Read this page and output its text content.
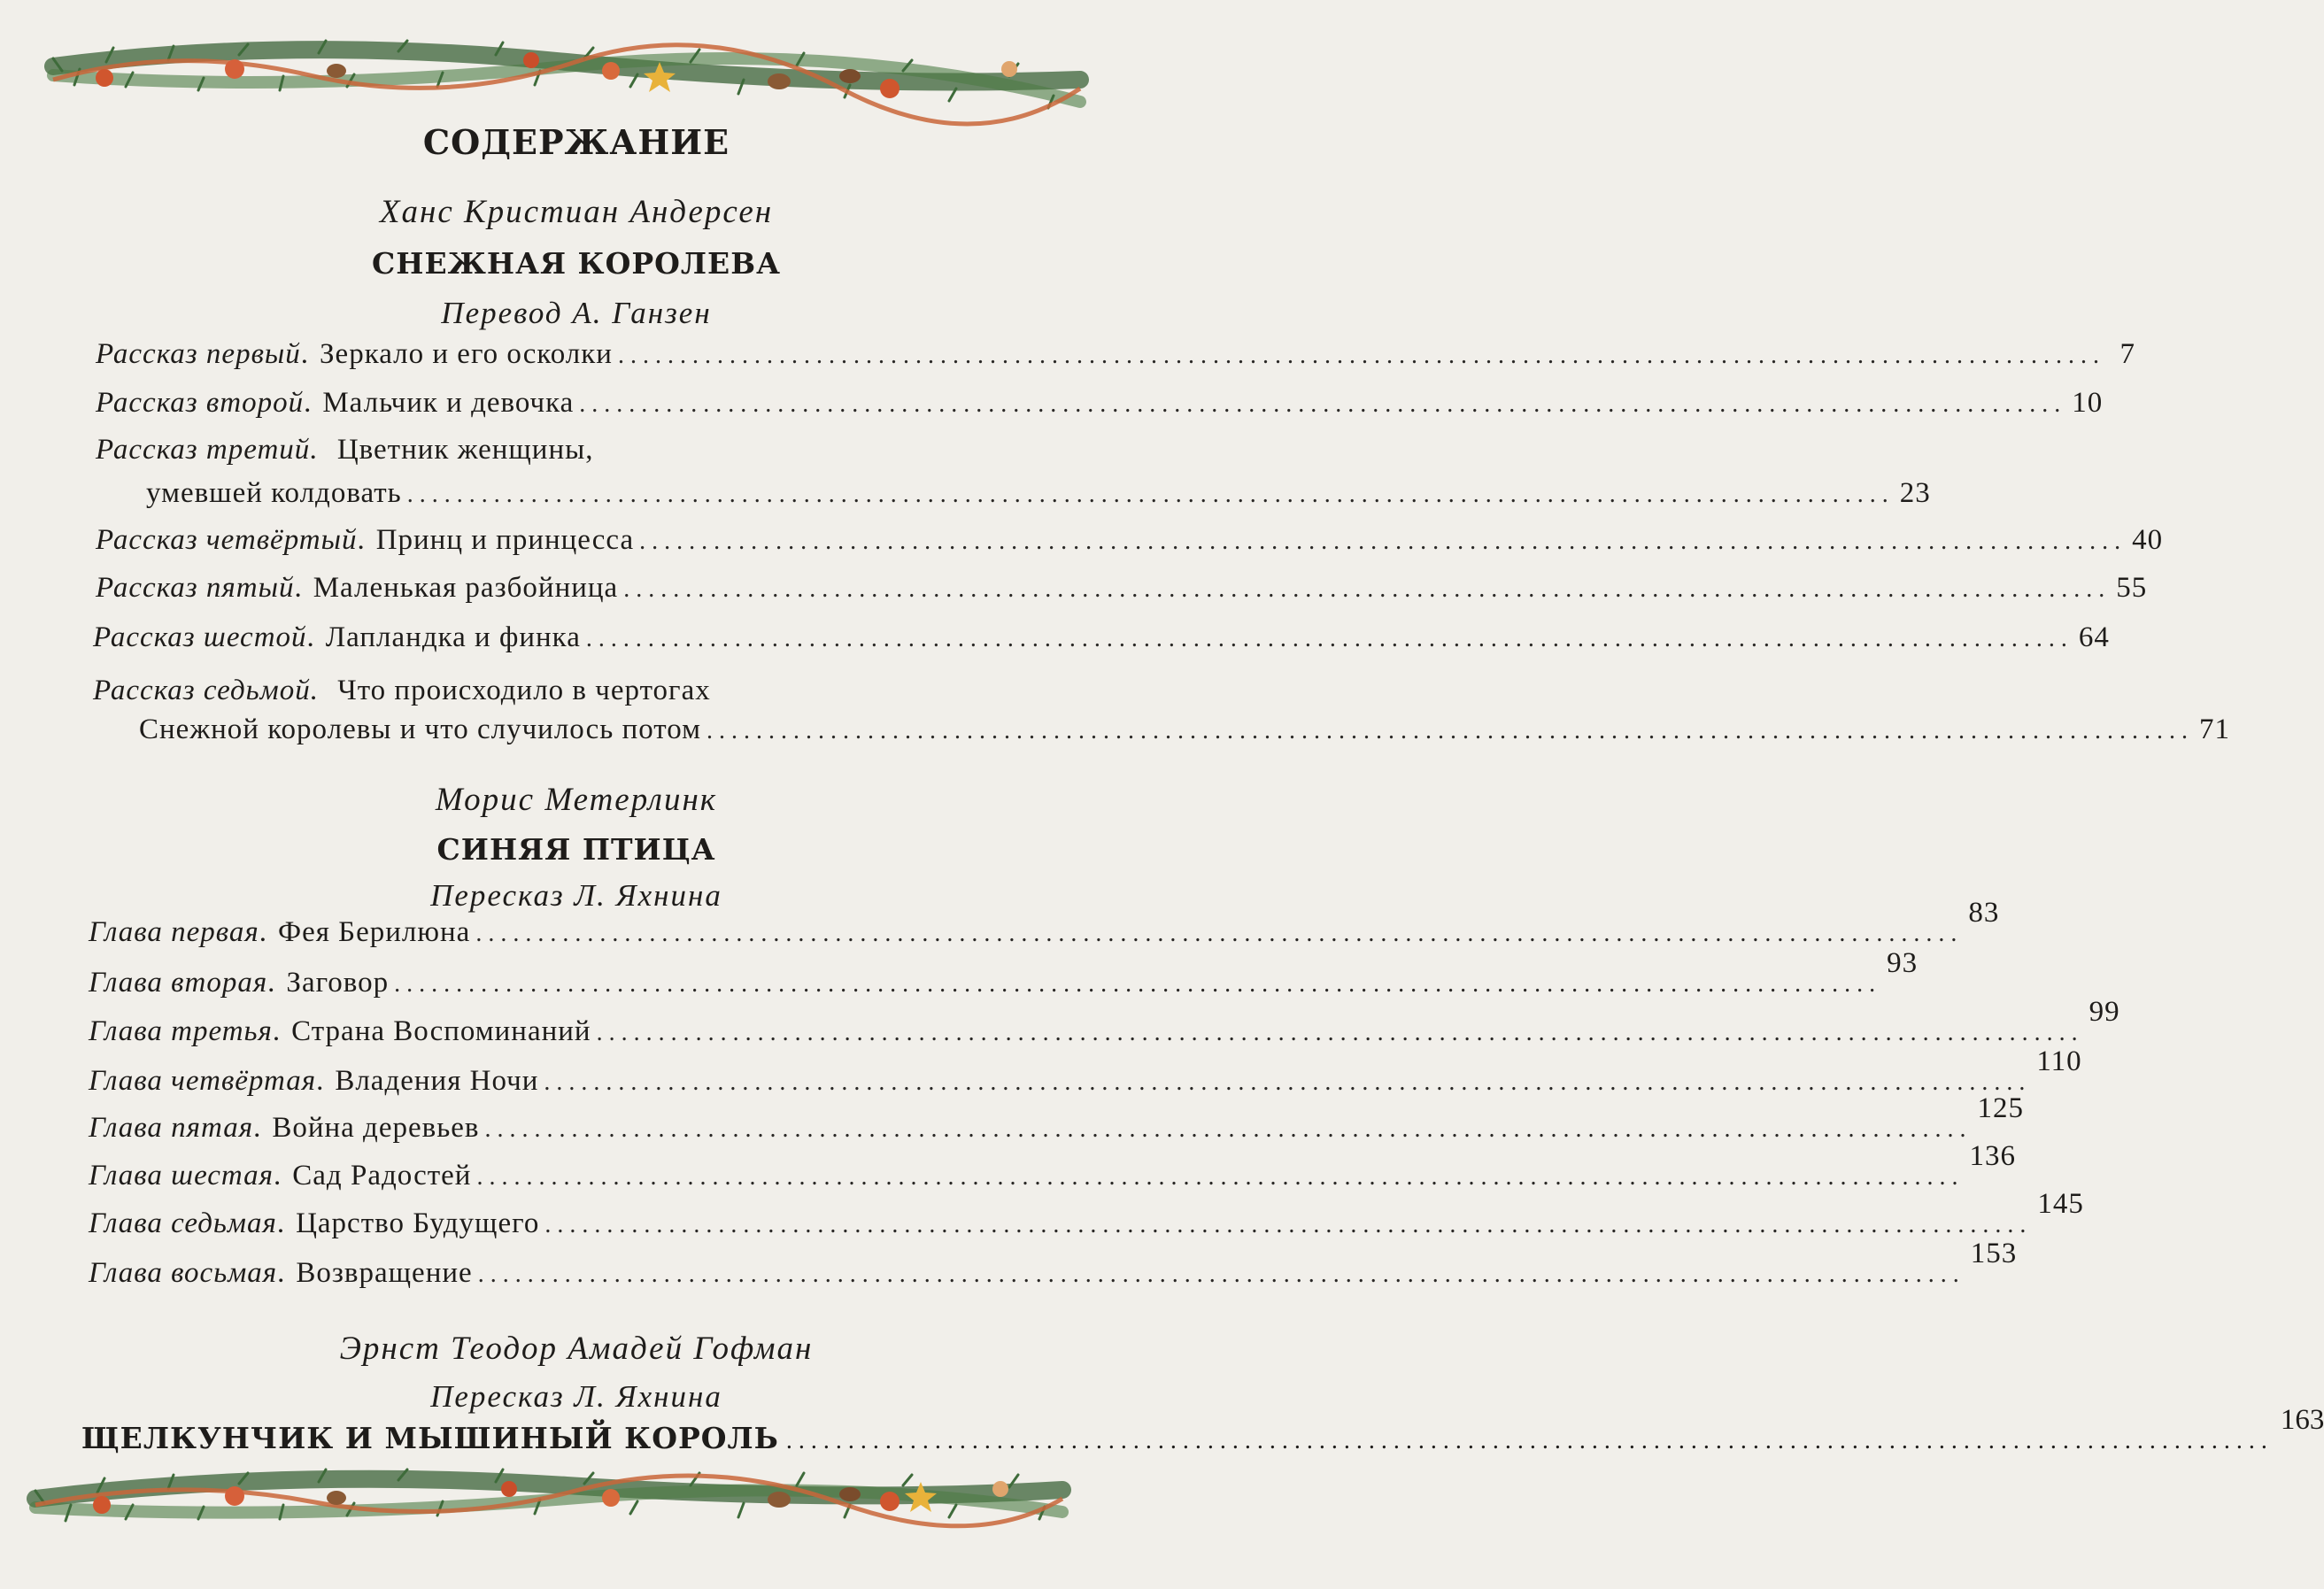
СОДЕРЖАНИЕ
Ханс Кристиан Андерсен
СНЕЖНАЯ КОРОЛЕВА
Перевод А. Ганзен
Рассказ первый. Зеркало и его осколки ........................................................................................................................ 7
Рассказ второй. Мальчик и девочка ........................................................................................................................ 10
Рассказ третий. Цветник женщины,
умевшей колдовать ........................................................................................................................ 23
Рассказ четвёртый. Принц и принцесса ........................................................................................................................ 40
Рассказ пятый. Маленькая разбойница ........................................................................................................................ 55
Рассказ шестой. Лапландка и финка ........................................................................................................................ 64
Рассказ седьмой. Что происходило в чертогах
Снежной королевы и что случилось потом ........................................................................................................................ 71
Морис Метерлинк
СИНЯЯ ПТИЦА
Пересказ Л. Яхнина
Глава первая. Фея Берилюна ........................................................................................................................
83
Глава вторая. Заговор ........................................................................................................................
93
Глава третья. Страна Воспоминаний ........................................................................................................................
99
Глава четвёртая. Владения Ночи ........................................................................................................................
110
Глава пятая. Война деревьев ........................................................................................................................
125
Глава шестая. Сад Радостей ........................................................................................................................
136
Глава седьмая. Царство Будущего ........................................................................................................................
145
Глава восьмая. Возвращение ........................................................................................................................
153
Эрнст Теодор Амадей Гофман
Пересказ Л. Яхнина
ЩЕЛКУНЧИК И МЫШИНЫЙ КОРОЛЬ ........................................................................................................................
163
